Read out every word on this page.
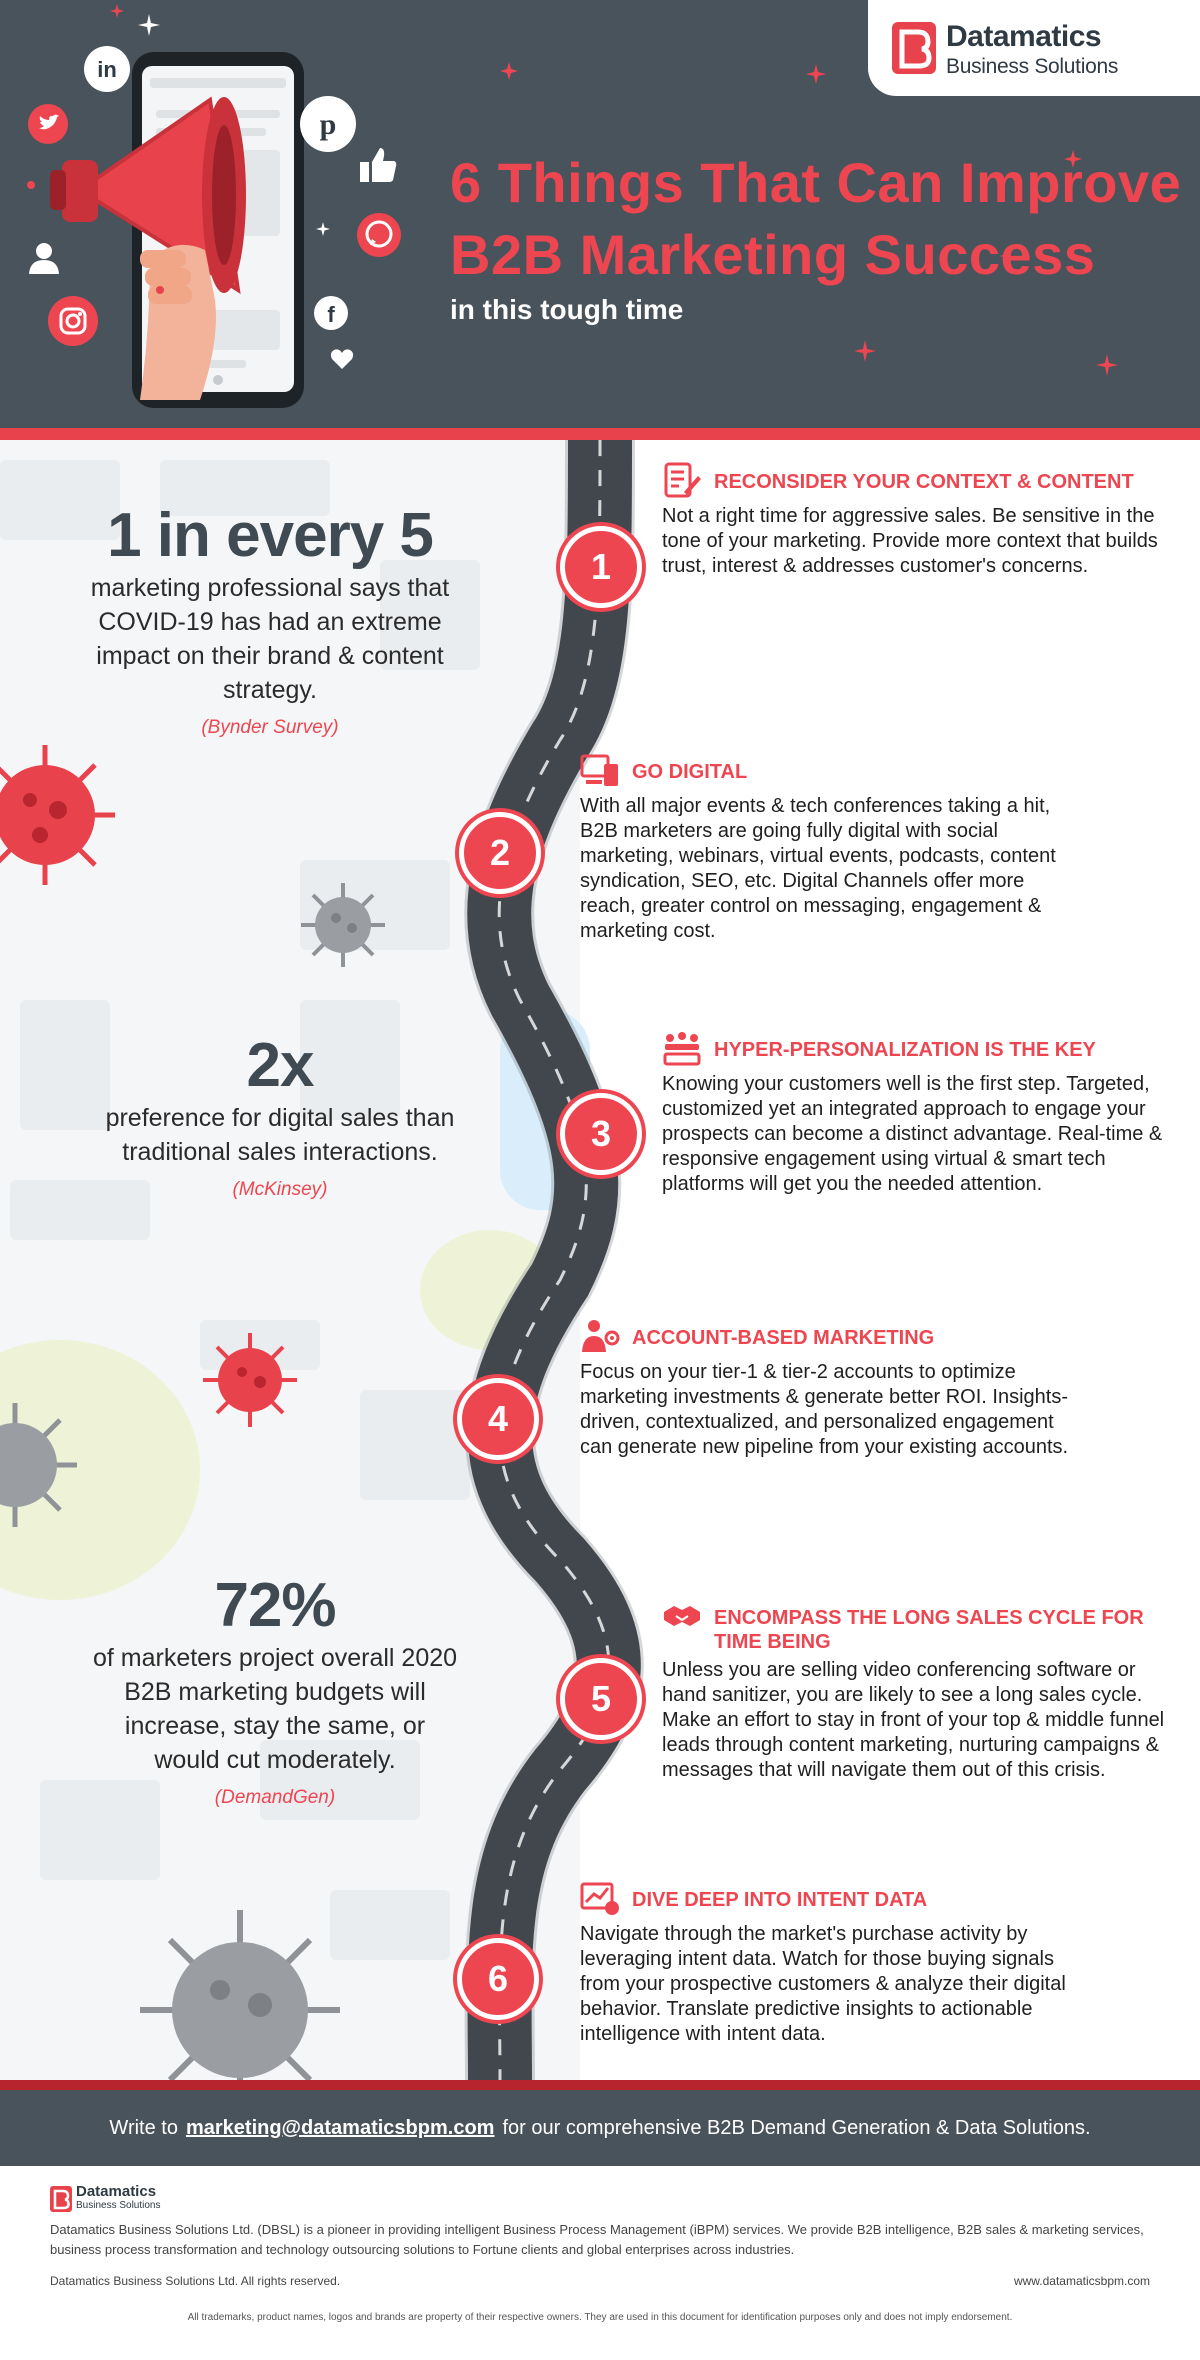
in
p
f
Datamatics
Business Solutions
6 Things That Can Improve
B2B Marketing Success
in this tough time
1 in every 5
marketing professional says that COVID-19 has had an extreme impact on their brand & content strategy.
(Bynder Survey)
2x
preference for digital sales than traditional sales interactions.
(McKinsey)
72%
of marketers project overall 2020 B2B marketing budgets will increase, stay the same, or would cut moderately.
(DemandGen)
1
2
3
4
5
6
RECONSIDER YOUR CONTEXT & CONTENT
Not a right time for aggressive sales. Be sensitive in the tone of your marketing. Provide more context that builds trust, interest & addresses customer's concerns.
GO DIGITAL
With all major events & tech conferences taking a hit, B2B marketers are going fully digital with social marketing, webinars, virtual events, podcasts, content syndication, SEO, etc. Digital Channels offer more reach, greater control on messaging, engagement & marketing cost.
HYPER-PERSONALIZATION IS THE KEY
Knowing your customers well is the first step. Targeted, customized yet an integrated approach to engage your prospects can become a distinct advantage. Real-time & responsive engagement using virtual & smart tech platforms will get you the needed attention.
ACCOUNT-BASED MARKETING
Focus on your tier-1 & tier-2 accounts to optimize marketing investments & generate better ROI. Insights-driven, contextualized, and personalized engagement can generate new pipeline from your existing accounts.
ENCOMPASS THE LONG SALES CYCLE FOR TIME BEING
Unless you are selling video conferencing software or hand sanitizer, you are likely to see a long sales cycle. Make an effort to stay in front of your top & middle funnel leads through content marketing, nurturing campaigns & messages that will navigate them out of this crisis.
DIVE DEEP INTO INTENT DATA
Navigate through the market's purchase activity by leveraging intent data. Watch for those buying signals from your prospective customers & analyze their digital behavior. Translate predictive insights to actionable intelligence with intent data.
Write to marketing@datamaticsbpm.com for our comprehensive B2B Demand Generation & Data Solutions.
Datamatics
Business Solutions
Datamatics Business Solutions Ltd. (DBSL) is a pioneer in providing intelligent Business Process Management (iBPM) services. We provide B2B intelligence, B2B sales & marketing services, business process transformation and technology outsourcing solutions to Fortune clients and global enterprises across industries.
Datamatics Business Solutions Ltd. All rights reserved.	www.datamaticsbpm.com
All trademarks, product names, logos and brands are property of their respective owners. They are used in this document for identification purposes only and does not imply endorsement.
